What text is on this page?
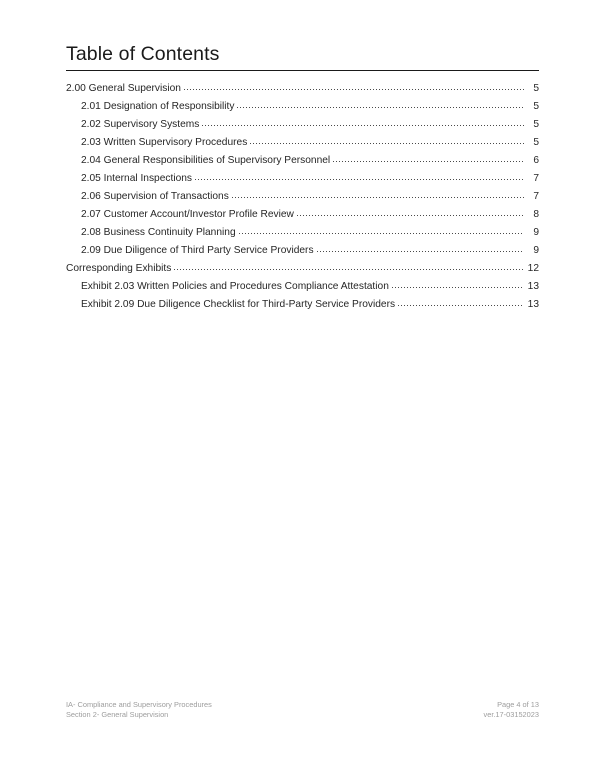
Table of Contents
2.00 General Supervision	5
2.01 Designation of Responsibility	5
2.02 Supervisory Systems	5
2.03 Written Supervisory Procedures	5
2.04 General Responsibilities of Supervisory Personnel	6
2.05 Internal Inspections	7
2.06 Supervision of Transactions	7
2.07 Customer Account/Investor Profile Review	8
2.08 Business Continuity Planning	9
2.09 Due Diligence of Third Party Service Providers	9
Corresponding Exhibits	12
Exhibit 2.03 Written Policies and Procedures Compliance Attestation	13
Exhibit 2.09 Due Diligence Checklist for Third-Party Service Providers	13
IA- Compliance and Supervisory Procedures
Section 2- General Supervision
Page 4 of 13
ver.17-03152023
